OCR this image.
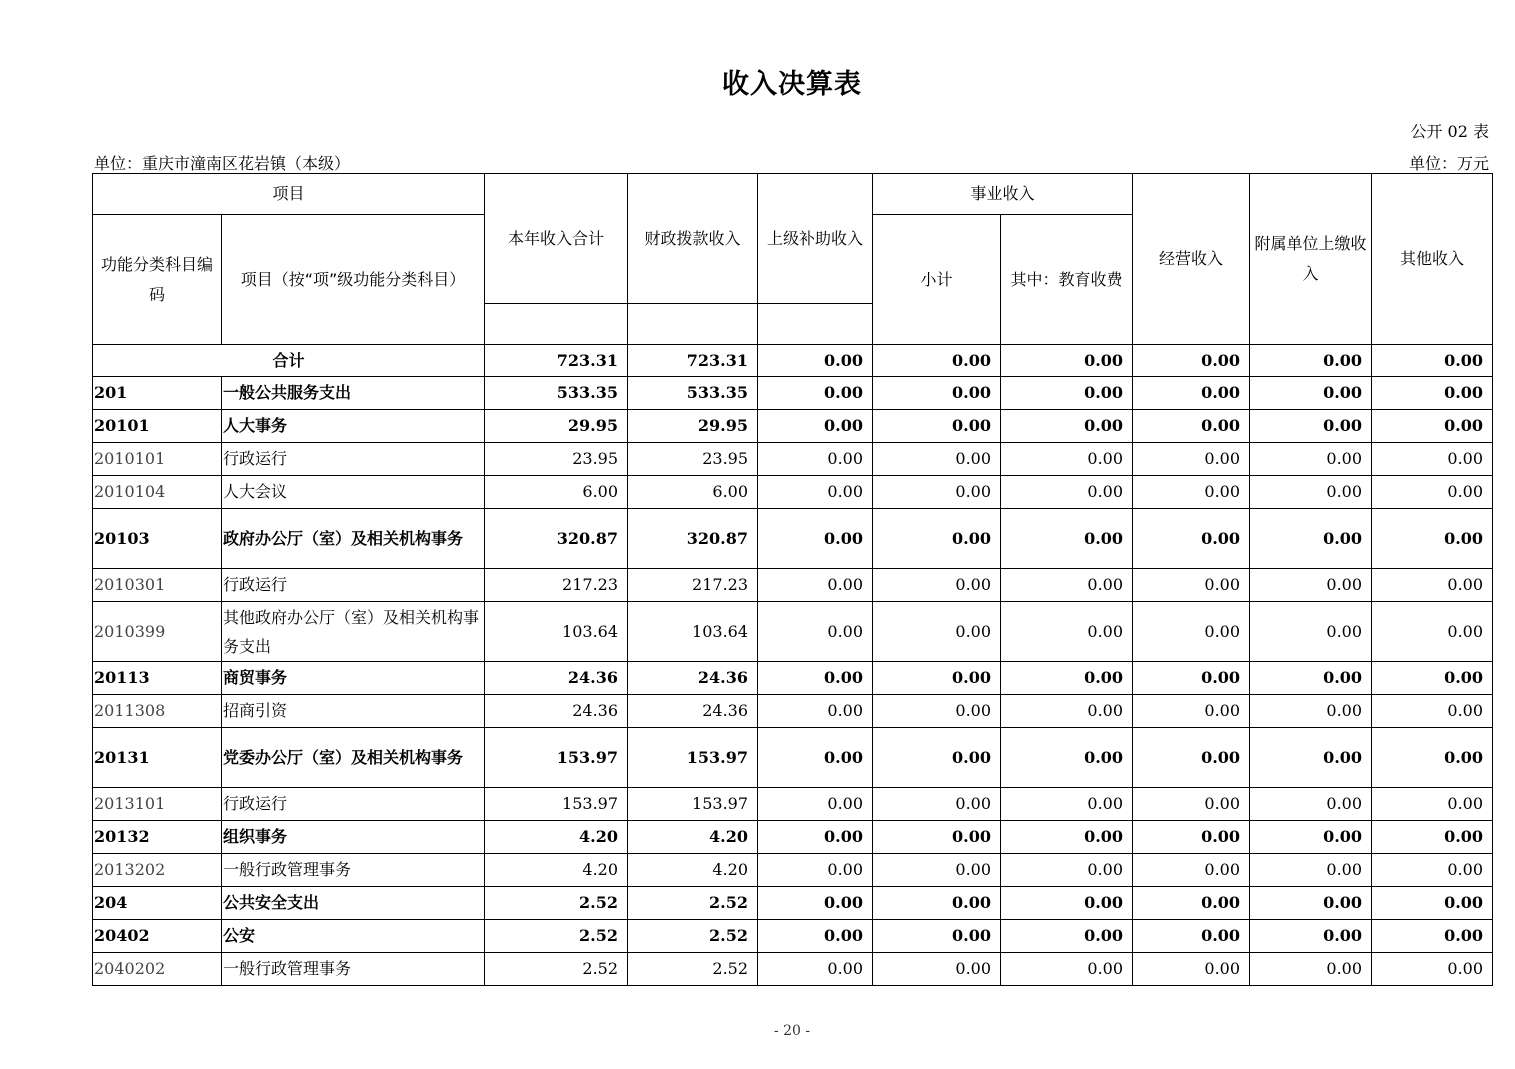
收入决算表
公开 02 表
单位：重庆市潼南区花岩镇（本级）	单位：万元
项目		本年收入合计	财政拨款收入	上级补助收入	事业收入		经营收入	附属单位上缴收入	其他收入
功能分类科目编码	项目（按“项”级功能分类科目）				小计	其中：教育收费			

合计		723.31	723.31	0.00	0.00	0.00	0.00	0.00	0.00
201	一般公共服务支出	533.35	533.35	0.00	0.00	0.00	0.00	0.00	0.00
20101	人大事务	29.95	29.95	0.00	0.00	0.00	0.00	0.00	0.00
2010101	行政运行	23.95	23.95	0.00	0.00	0.00	0.00	0.00	0.00
2010104	人大会议	6.00	6.00	0.00	0.00	0.00	0.00	0.00	0.00
20103	政府办公厅（室）及相关机构事务	320.87	320.87	0.00	0.00	0.00	0.00	0.00	0.00
2010301	行政运行	217.23	217.23	0.00	0.00	0.00	0.00	0.00	0.00
2010399	其他政府办公厅（室）及相关机构事务支出	103.64	103.64	0.00	0.00	0.00	0.00	0.00	0.00
20113	商贸事务	24.36	24.36	0.00	0.00	0.00	0.00	0.00	0.00
2011308	招商引资	24.36	24.36	0.00	0.00	0.00	0.00	0.00	0.00
20131	党委办公厅（室）及相关机构事务	153.97	153.97	0.00	0.00	0.00	0.00	0.00	0.00
2013101	行政运行	153.97	153.97	0.00	0.00	0.00	0.00	0.00	0.00
20132	组织事务	4.20	4.20	0.00	0.00	0.00	0.00	0.00	0.00
2013202	一般行政管理事务	4.20	4.20	0.00	0.00	0.00	0.00	0.00	0.00
204	公共安全支出	2.52	2.52	0.00	0.00	0.00	0.00	0.00	0.00
20402	公安	2.52	2.52	0.00	0.00	0.00	0.00	0.00	0.00
2040202	一般行政管理事务	2.52	2.52	0.00	0.00	0.00	0.00	0.00	0.00
- 20 -
